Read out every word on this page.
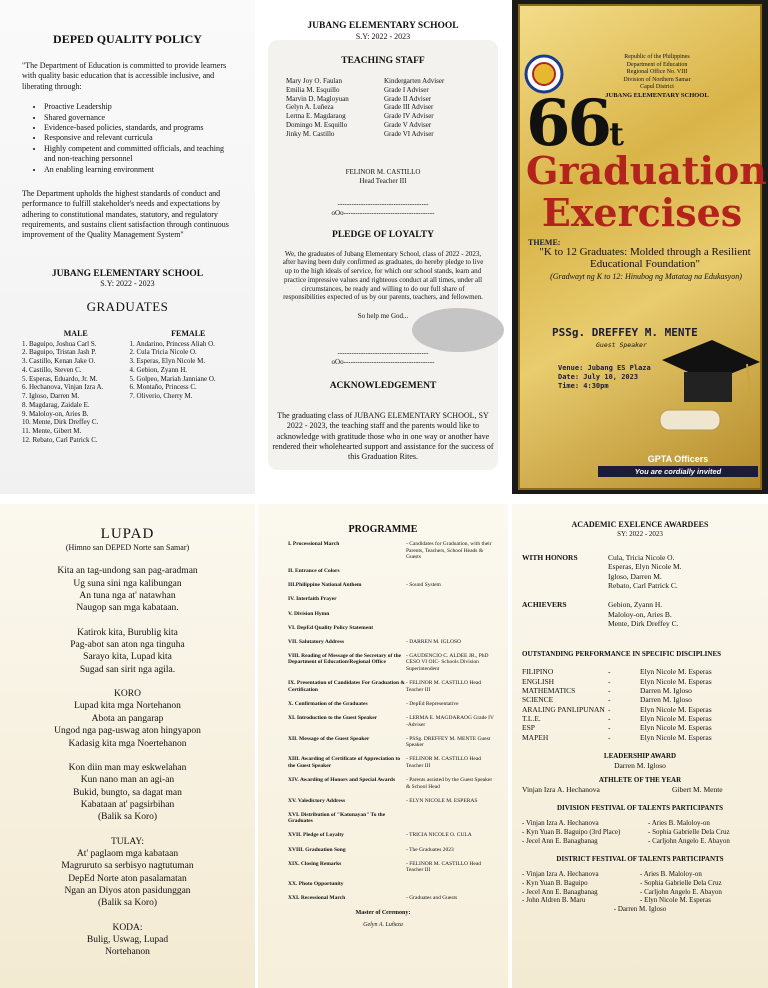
DEPED QUALITY POLICY
"The Department of Education is committed to provide learners with quality basic education that is accessible inclusive, and liberating through:
• Proactive Leadership
• Shared governance
• Evidence-based policies, standards, and programs
• Responsive and relevant curricula
• Highly competent and committed officials, and teaching and non-teaching personnel
• An enabling learning environment
The Department upholds the highest standards of conduct and performance to fulfill stakeholder's needs and expectations by adhering to constitutional mandates, statutory, and regulatory requirements, and sustains client satisfaction through continuous improvement of the Quality Management System"
JUBANG ELEMENTARY SCHOOL
S.Y: 2022 - 2023
GRADUATES
MALE
1. Baguipo, Joshua Carl S.
2. Baguipo, Tristan Jash P.
3. Castillo, Kenan Jake O.
4. Castillo, Steven C.
5. Esperas, Eduardo, Jr. M.
6. Hechanova, Vinjan Izra A.
7. Igloso, Darren M.
8. Magdarag, Zaidale E.
9. Maloloy-on, Aries B.
10. Mente, Dirk Dreffey C.
11. Mente, Gibert M.
12. Rebato, Carl Patrick C.
FEMALE
1. Andarino, Princess Aliah O.
2. Cula Tricia Nicole O.
3. Esperas, Elyn Nicole M.
4. Gebion, Zyann H.
5. Golpeo, Mariah Janniane O.
6. Montaño, Princess C.
7. Oliverio, Cherry M.
JUBANG ELEMENTARY SCHOOL
S.Y: 2022 - 2023
TEACHING STAFF
Mary Joy O. Faulan	Kindergarten Adviser
Emilia M. Esquillo	Grade I Adviser
Marvin D. Magloyuan	Grade II Adviser
Gelyn A. Luñeza	Grade III Adviser
Lerma E. Magdaraog	Grade IV Adviser
Domingo M. Esquillo	Grade V Adviser
Jinky M. Castillo	Grade VI Adviser
FELINOR M. CASTILLO
Head Teacher III
---------------------------------------
oOo---------------------------------------
PLEDGE OF LOYALTY
We, the graduates of Jubang Elementary School, class of 2022 - 2023, after having been duly confirmed as graduates, do hereby pledge to live up to the high ideals of service, for which our school stands, learn and practice impressive values and righteous conduct at all times, under all circumstances, be ready and willing to do our full share of responsibilities expected of us by our parents, teachers, and fellowmen.
So help me God...
---------------------------------------
oOo---------------------------------------
ACKNOWLEDGEMENT
The graduating class of JUBANG ELEMENTARY SCHOOL, SY 2022 - 2023, the teaching staff and the parents would like to acknowledge with gratitude those who in one way or another have rendered their wholehearted support and assistance for the success of this Graduation Rites.
Republic of the Philippines
Department of Education
Regional Office No. VIII
Division of Northern Samar
Capul District
JUBANG ELEMENTARY SCHOOL
66t
Graduation
Exercises
THEME:
"K to 12 Graduates: Molded through a Resilient Educational Foundation"
(Gradwayt ng K to 12: Hinubog ng Matatag na Edukasyon)
PSSg. DREFFEY M. MENTE
Guest Speaker
Venue: Jubang ES Plaza
Date: July 10, 2023
Time: 4:30pm
GPTA Officers
You are cordially invited
LUPAD
(Himno san DEPED Norte san Samar)
Kita an tag-undong san pag-aradman
Ug suna sini nga kalibungan
An tuna nga at' natawhan
Naugop san mga kabataan.
Katirok kita, Burublig kita
Pag-abot san aton nga tinguha
Sarayo kita, Lupad kita
Sugad san sirit nga agila.
KORO
Lupad kita mga Nortehanon
Abota an pangarap
Ungod nga pag-uswag aton hingyapon
Kadasig kita mga Noertehanon
Kon diin man may eskwelahan
Kun nano man an agi-an
Bukid, bungto, sa dagat man
Kabataan at' pagsirbihan
(Balik sa Koro)
TULAY:
At' paglaom mga kabataan
Magruruto sa serbisyo nagtutuman
DepEd Norte aton pasalamatan
Ngan an Diyos aton pasidunggan
(Balik sa Koro)
KODA:
Bulig, Uswag, Lupad
Nortehanon
PROGRAMME
I. Processional March	- Candidates for Graduation, with their Parents, Teachers, School Heads & Guests
II. Entrance of Colors
III.Philippine National Anthem	- Sound System
IV. Interfaith Prayer
V. Division Hymn
VI. DepEd Quality Policy Statement
VII. Salutatory Address	- DARREN M. IGLOSO
VIII. Reading of Message of the Secretary of the Department of Education/Regional Office
- GAUDENCIO C. ALDEE JR., PhD CESO VI OIC- Schools Division Superintendent
IX. Presentation of Candidates For Graduation & Certification
- FELINOR M. CASTILLO Head Teacher III
X. Confirmation of the Graduates	- DepEd Representative
XI. Introduction to the Guest Speaker	- LERMA E. MAGDARAOG Grade IV -Adviser
XII. Message of the Guest Speaker	- PSSg. DREFFEY M. MENTE Guest Speaker
XIII. Awarding of Certificate of Appreciation to the Guest Speaker
- FELINOR M. CASTILLO Head Teacher III
XIV. Awarding of Honors and Special Awards	- Parents assisted by the Guest Speaker & School Head
XV. Valedictory Address	- ELYN NICOLE M. ESPERAS
XVI. Distribution of "Katunayan" To the Graduates
XVII. Pledge of Loyalty	- TRICIA NICOLE O. CULA
XVIII. Graduation Song	- The Graduates 2023
XIX. Closing Remarks	- FELINOR M. CASTILLO Head Teacher III
XX. Photo Opportunity
XXI. Recessional March	- Graduates and Guests
Master of Ceremony:
Gelyn A. Luñeza
ACADEMIC EXELENCE AWARDEES
SY: 2022 - 2023
WITH HONORS	Cula, Tricia Nicole O.
Esperas, Elyn Nicole M.
Igloso, Darren M.
Rebato, Carl Patrick C.
ACHIEVERS	Gebion, Zyann H.
Maloloy-on, Aries B.
Mente, Dirk Dreffey C.
OUTSTANDING PERFORMANCE IN SPECIFIC DISCIPLINES
FILIPINO	-	Elyn Nicole M. Esperas
ENGLISH	-	Elyn Nicole M. Esperas
MATHEMATICS	-	Darren M. Igloso
SCIENCE	-	Darren M. Igloso
ARALING PANLIPUNAN -	Elyn Nicole M. Esperas
T.L.E.	-	Elyn Nicole M. Esperas
ESP	-	Elyn Nicole M. Esperas
MAPEH	-	Elyn Nicole M. Esperas
LEADERSHIP AWARD
Darren M. Igloso
ATHLETE OF THE YEAR
Vinjan Izra A. Hechanova	Gibert M. Mente
DIVISION FESTIVAL OF TALENTS PARTICIPANTS
- Vinjan Izra A. Hechanova
- Kyn Yuan B. Baguipo (3rd Place)
- Jecel Ann E. Banagbanag
- Aries B. Maloloy-on
- Sophia Gabrielle Dela Cruz
- Carljohn Angelo E. Abayon
DISTRICT FESTIVAL OF TALENTS PARTICIPANTS
- Vinjan Izra A. Hechanova
- Kyn Yuan B. Baguipo
- Jecel Ann E. Banagbanag
- John Aldren B. Maru
- Aries B. Maloloy-on
- Sophia Gabrielle Dela Cruz
- Carljohn Angelo E. Abayon
- Elyn Nicole M. Esperas
- Darren M. Igloso
